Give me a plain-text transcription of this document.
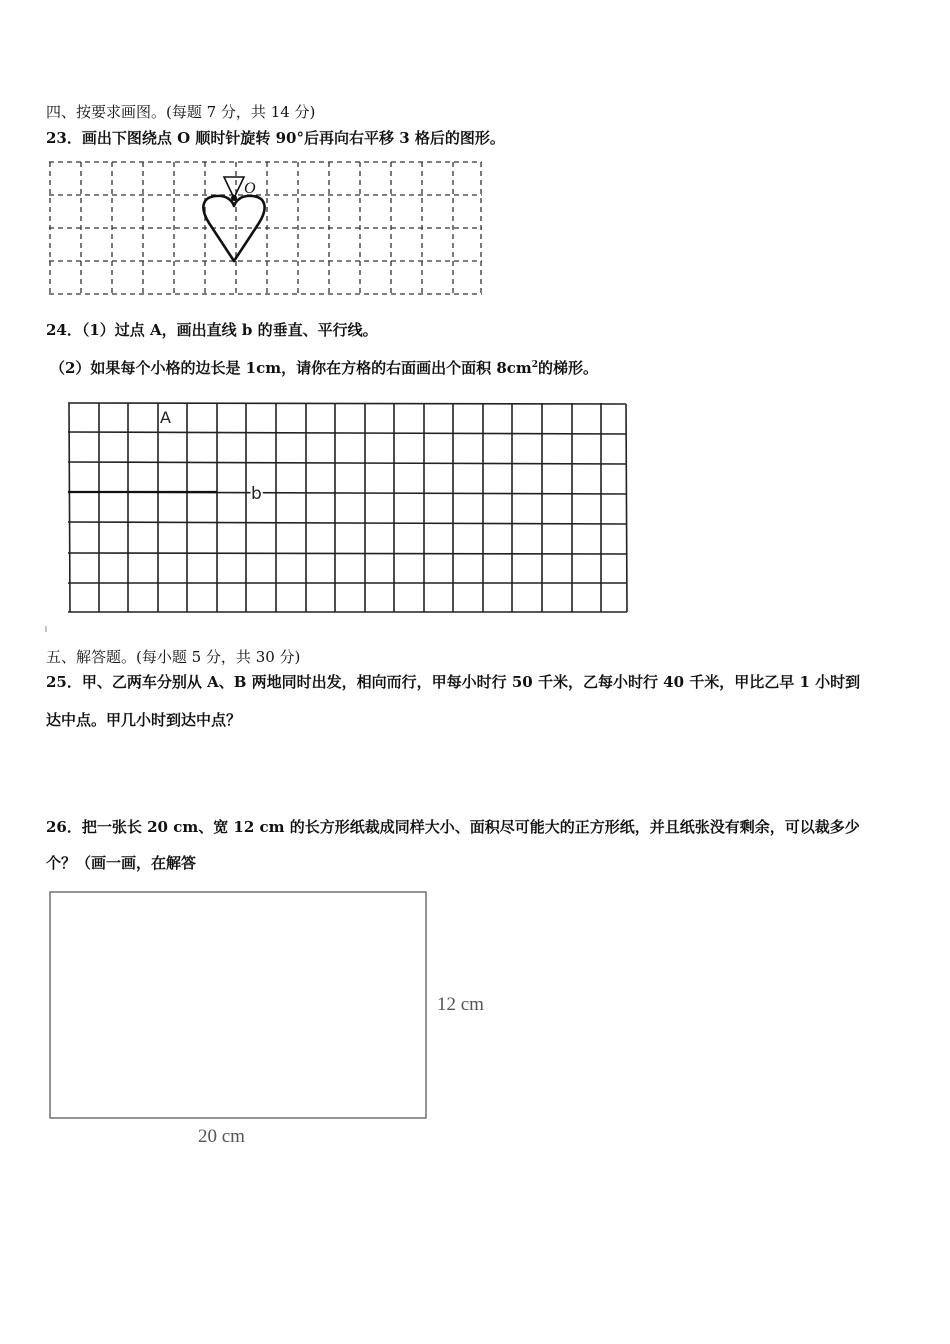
四、按要求画图。(每题 7 分，共 14 分)
23．画出下图绕点 O 顺时针旋转 90°后再向右平移 3 格后的图形。
O
24．（1）过点 A，画出直线 b 的垂直、平行线。
（2）如果每个小格的边长是 1cm，请你在方格的右面画出个面积 $8cm^2$的梯形。
b
A
五、解答题。(每小题 5 分，共 30 分)
25．甲、乙两车分别从 A、B 两地同时出发，相向而行，甲每小时行 50 千米，乙每小时行 40 千米，甲比乙早 1 小时到
达中点。甲几小时到达中点？
26．把一张长 20 cm、宽 12 cm 的长方形纸裁成同样大小、面积尽可能大的正方形纸，并且纸张没有剩余，可以裁多少
个？（画一画，在解答
12 cm
20 cm
